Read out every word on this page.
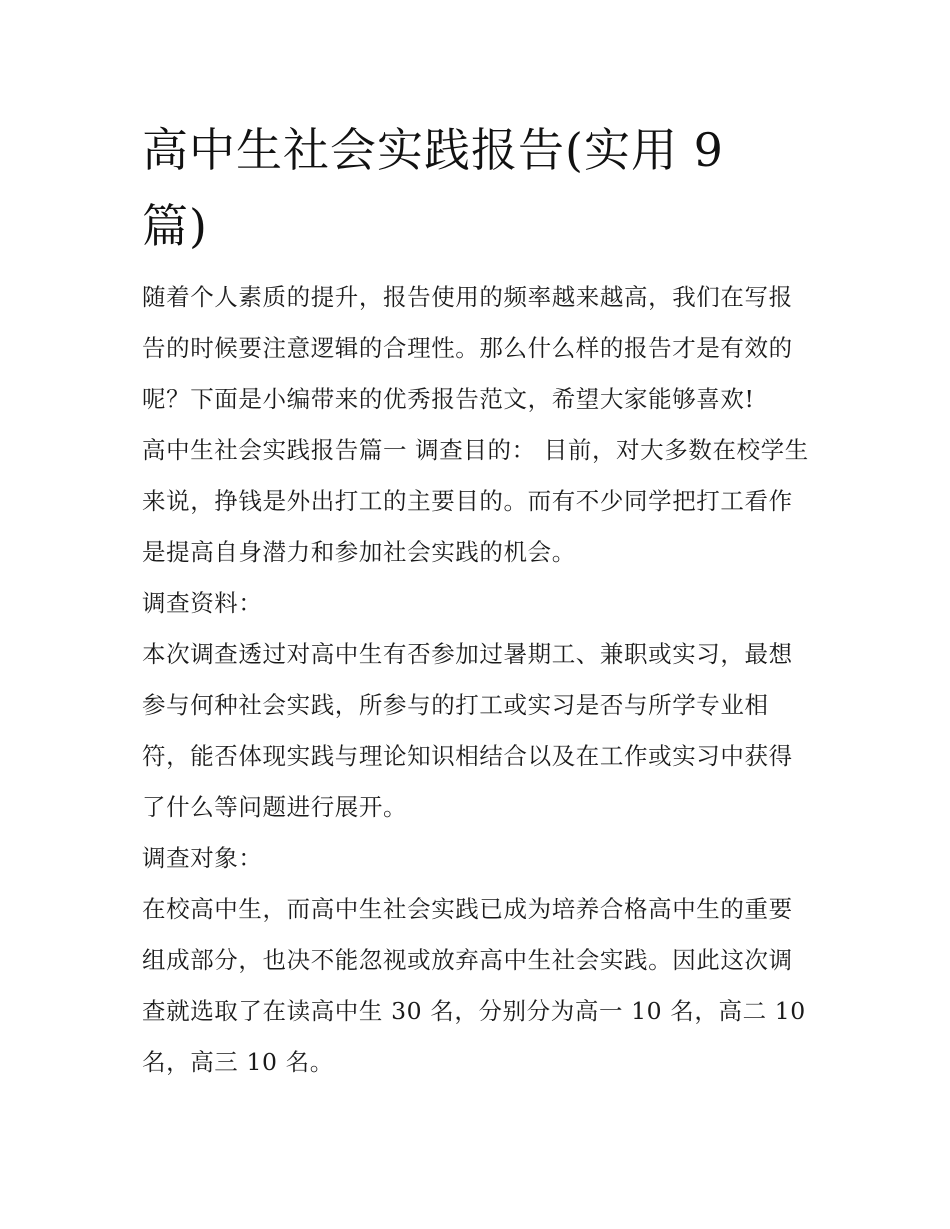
高中生社会实践报告(实用 9 篇)

随着个人素质的提升，报告使用的频率越来越高，我们在写报告的时候要注意逻辑的合理性。那么什么样的报告才是有效的呢？下面是小编带来的优秀报告范文，希望大家能够喜欢!

高中生社会实践报告篇一 调查目的： 目前，对大多数在校学生来说，挣钱是外出打工的主要目的。而有不少同学把打工看作是提高自身潜力和参加社会实践的机会。

调查资料：

本次调查透过对高中生有否参加过暑期工、兼职或实习，最想参与何种社会实践，所参与的打工或实习是否与所学专业相符，能否体现实践与理论知识相结合以及在工作或实习中获得了什么等问题进行展开。

调查对象：

在校高中生，而高中生社会实践已成为培养合格高中生的重要组成部分，也决不能忽视或放弃高中生社会实践。因此这次调查就选取了在读高中生 30 名，分别分为高一 10 名，高二 10 名，高三 10 名。
